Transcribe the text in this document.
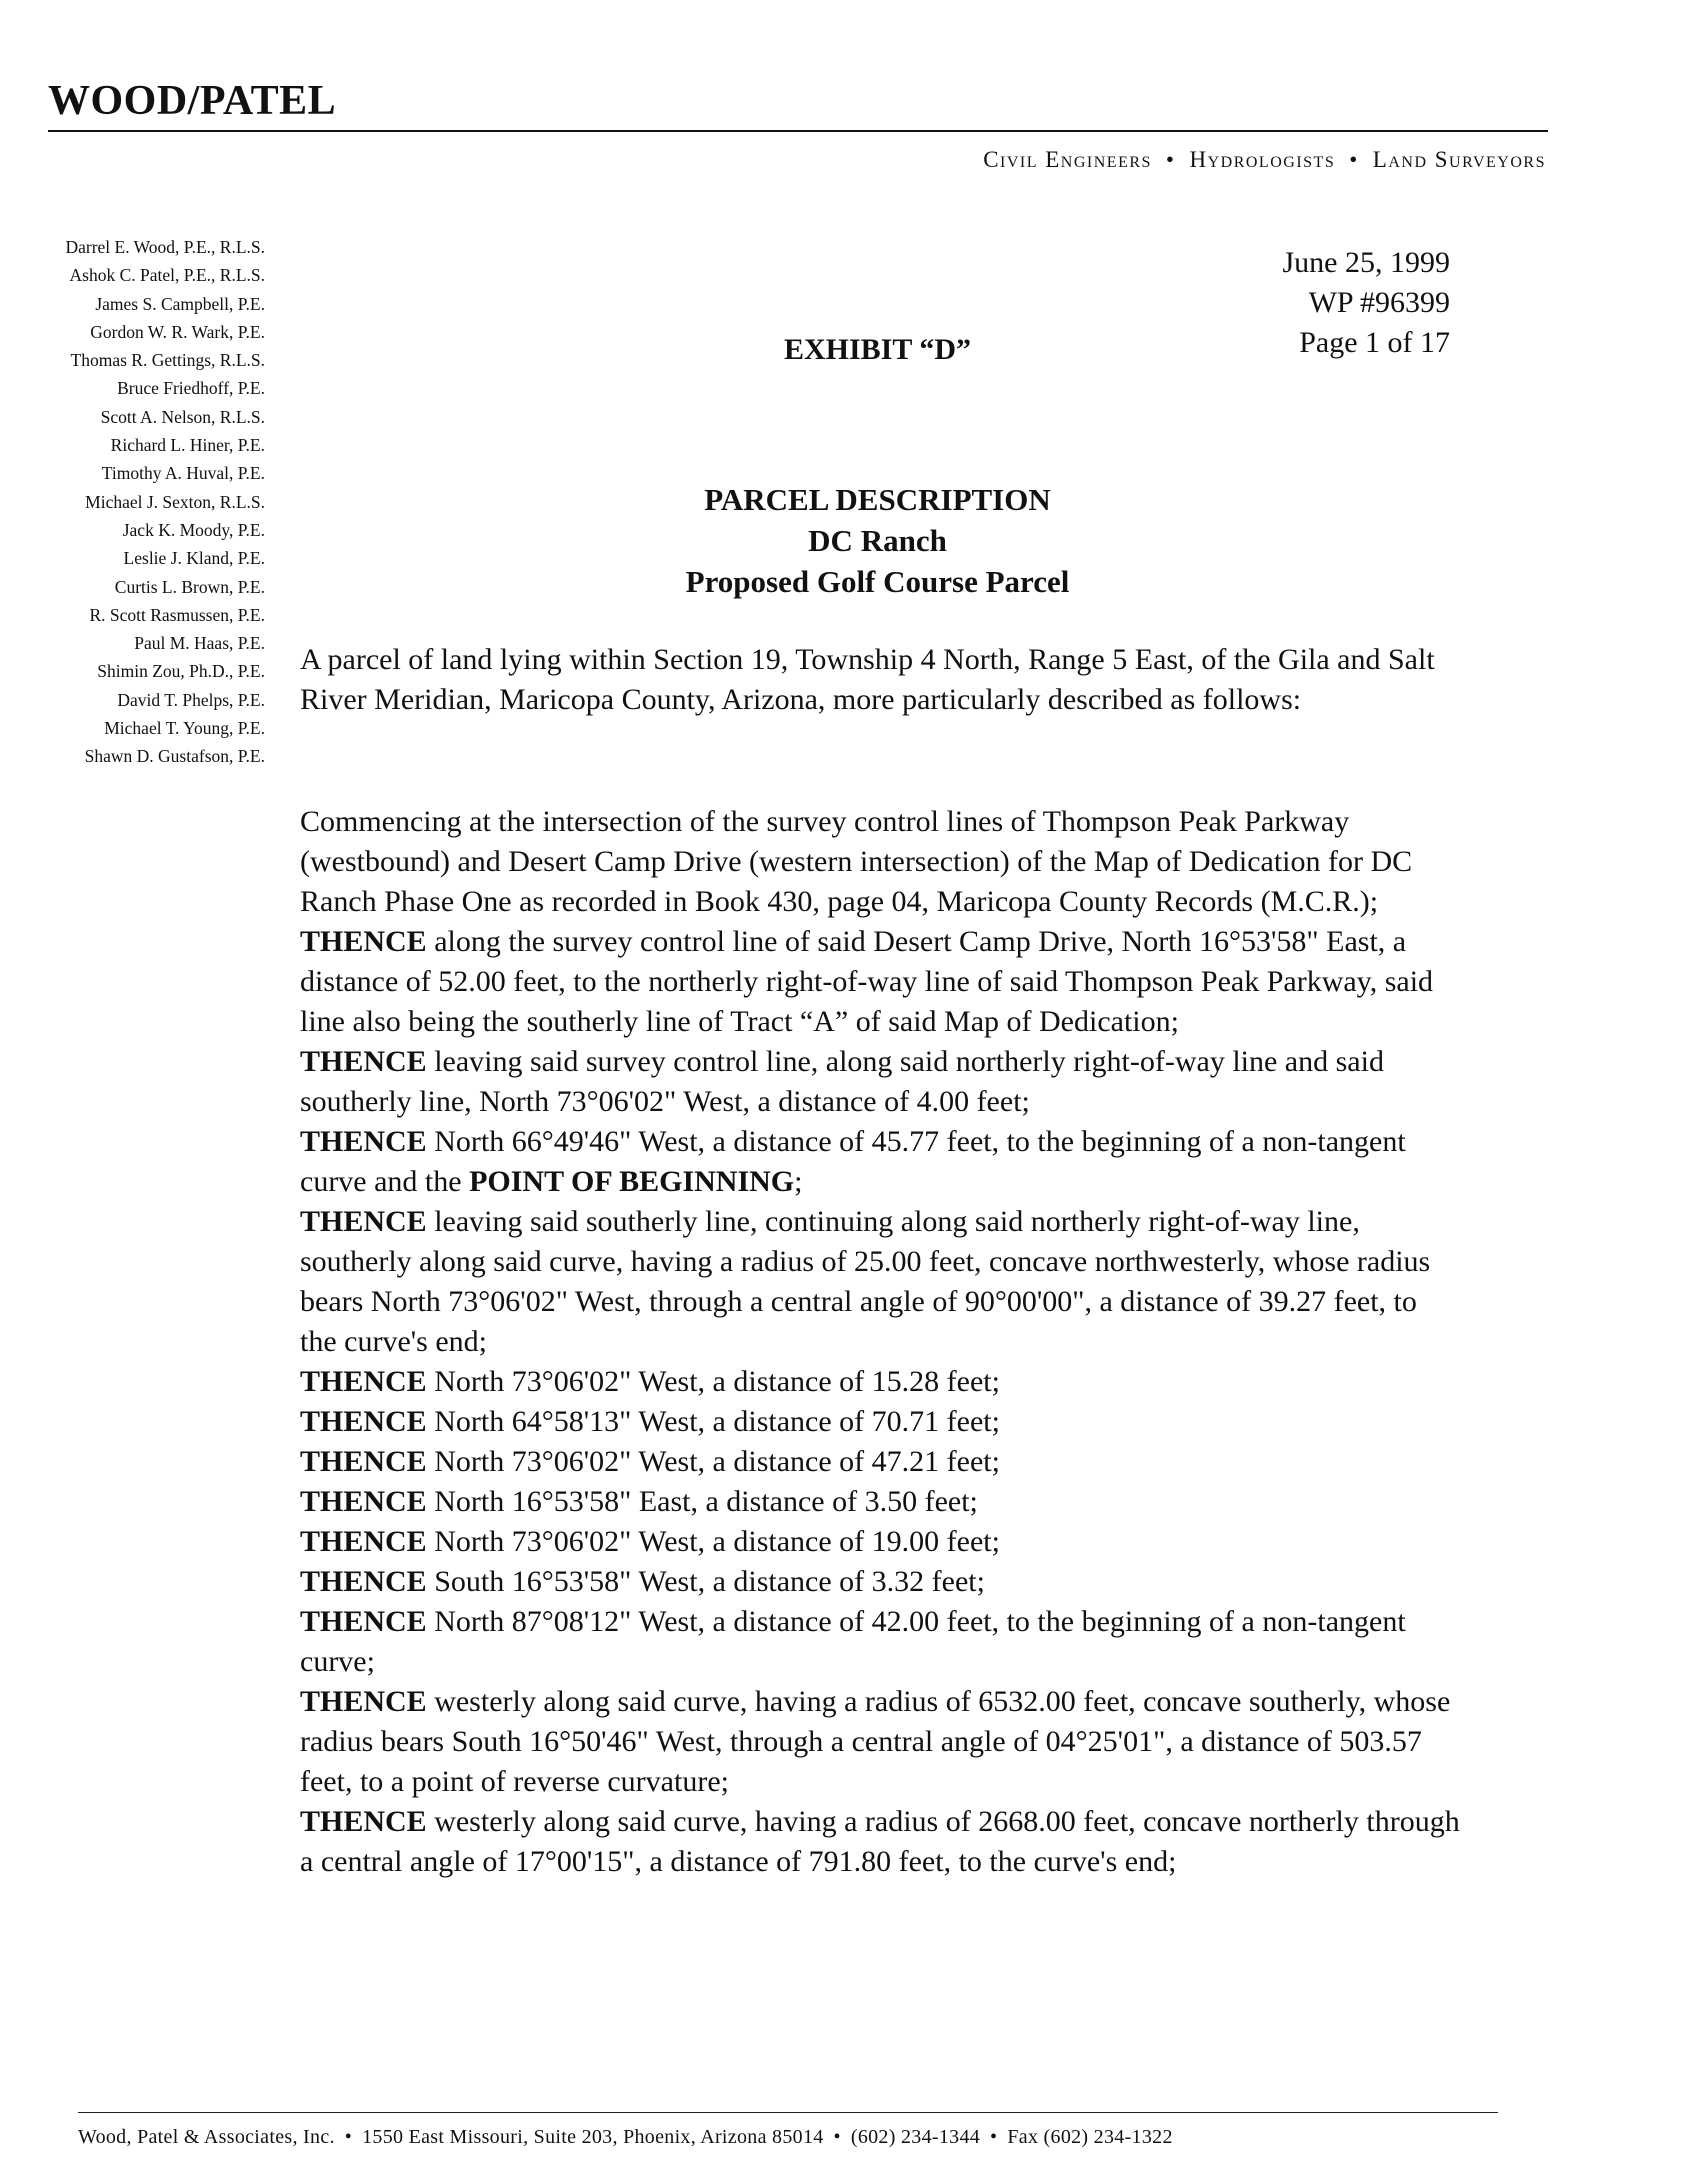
WOOD/PATEL
Civil Engineers • Hydrologists • Land Surveyors
Darrel E. Wood, P.E., R.L.S.
Ashok C. Patel, P.E., R.L.S.
James S. Campbell, P.E.
Gordon W. R. Wark, P.E.
Thomas R. Gettings, R.L.S.
Bruce Friedhoff, P.E.
Scott A. Nelson, R.L.S.
Richard L. Hiner, P.E.
Timothy A. Huval, P.E.
Michael J. Sexton, R.L.S.
Jack K. Moody, P.E.
Leslie J. Kland, P.E.
Curtis L. Brown, P.E.
R. Scott Rasmussen, P.E.
Paul M. Haas, P.E.
Shimin Zou, Ph.D., P.E.
David T. Phelps, P.E.
Michael T. Young, P.E.
Shawn D. Gustafson, P.E.
June 25, 1999
WP #96399
Page 1 of 17
EXHIBIT “D”
PARCEL DESCRIPTION
DC Ranch
Proposed Golf Course Parcel

A parcel of land lying within Section 19, Township 4 North, Range 5 East, of the Gila and Salt River Meridian, Maricopa County, Arizona, more particularly described as follows:

Commencing at the intersection of the survey control lines of Thompson Peak Parkway (westbound) and Desert Camp Drive (western intersection) of the Map of Dedication for DC Ranch Phase One as recorded in Book 430, page 04, Maricopa County Records (M.C.R.);

THENCE along the survey control line of said Desert Camp Drive, North 16°53'58" East, a distance of 52.00 feet, to the northerly right-of-way line of said Thompson Peak Parkway, said line also being the southerly line of Tract “A” of said Map of Dedication;

THENCE leaving said survey control line, along said northerly right-of-way line and said southerly line, North 73°06'02" West, a distance of 4.00 feet;

THENCE North 66°49'46" West, a distance of 45.77 feet, to the beginning of a non-tangent curve and the POINT OF BEGINNING;

THENCE leaving said southerly line, continuing along said northerly right-of-way line, southerly along said curve, having a radius of 25.00 feet, concave northwesterly, whose radius bears North 73°06'02" West, through a central angle of 90°00'00", a distance of 39.27 feet, to the curve's end;

THENCE North 73°06'02" West, a distance of 15.28 feet;

THENCE North 64°58'13" West, a distance of 70.71 feet;

THENCE North 73°06'02" West, a distance of 47.21 feet;

THENCE North 16°53'58" East, a distance of 3.50 feet;

THENCE North 73°06'02" West, a distance of 19.00 feet;

THENCE South 16°53'58" West, a distance of 3.32 feet;

THENCE North 87°08'12" West, a distance of 42.00 feet, to the beginning of a non-tangent curve;

THENCE westerly along said curve, having a radius of 6532.00 feet, concave southerly, whose radius bears South 16°50'46" West, through a central angle of 04°25'01", a distance of 503.57 feet, to a point of reverse curvature;

THENCE westerly along said curve, having a radius of 2668.00 feet, concave northerly through a central angle of 17°00'15", a distance of 791.80 feet, to the curve's end;

Wood, Patel & Associates, Inc. • 1550 East Missouri, Suite 203, Phoenix, Arizona 85014 • (602) 234-1344 • Fax (602) 234-1322
